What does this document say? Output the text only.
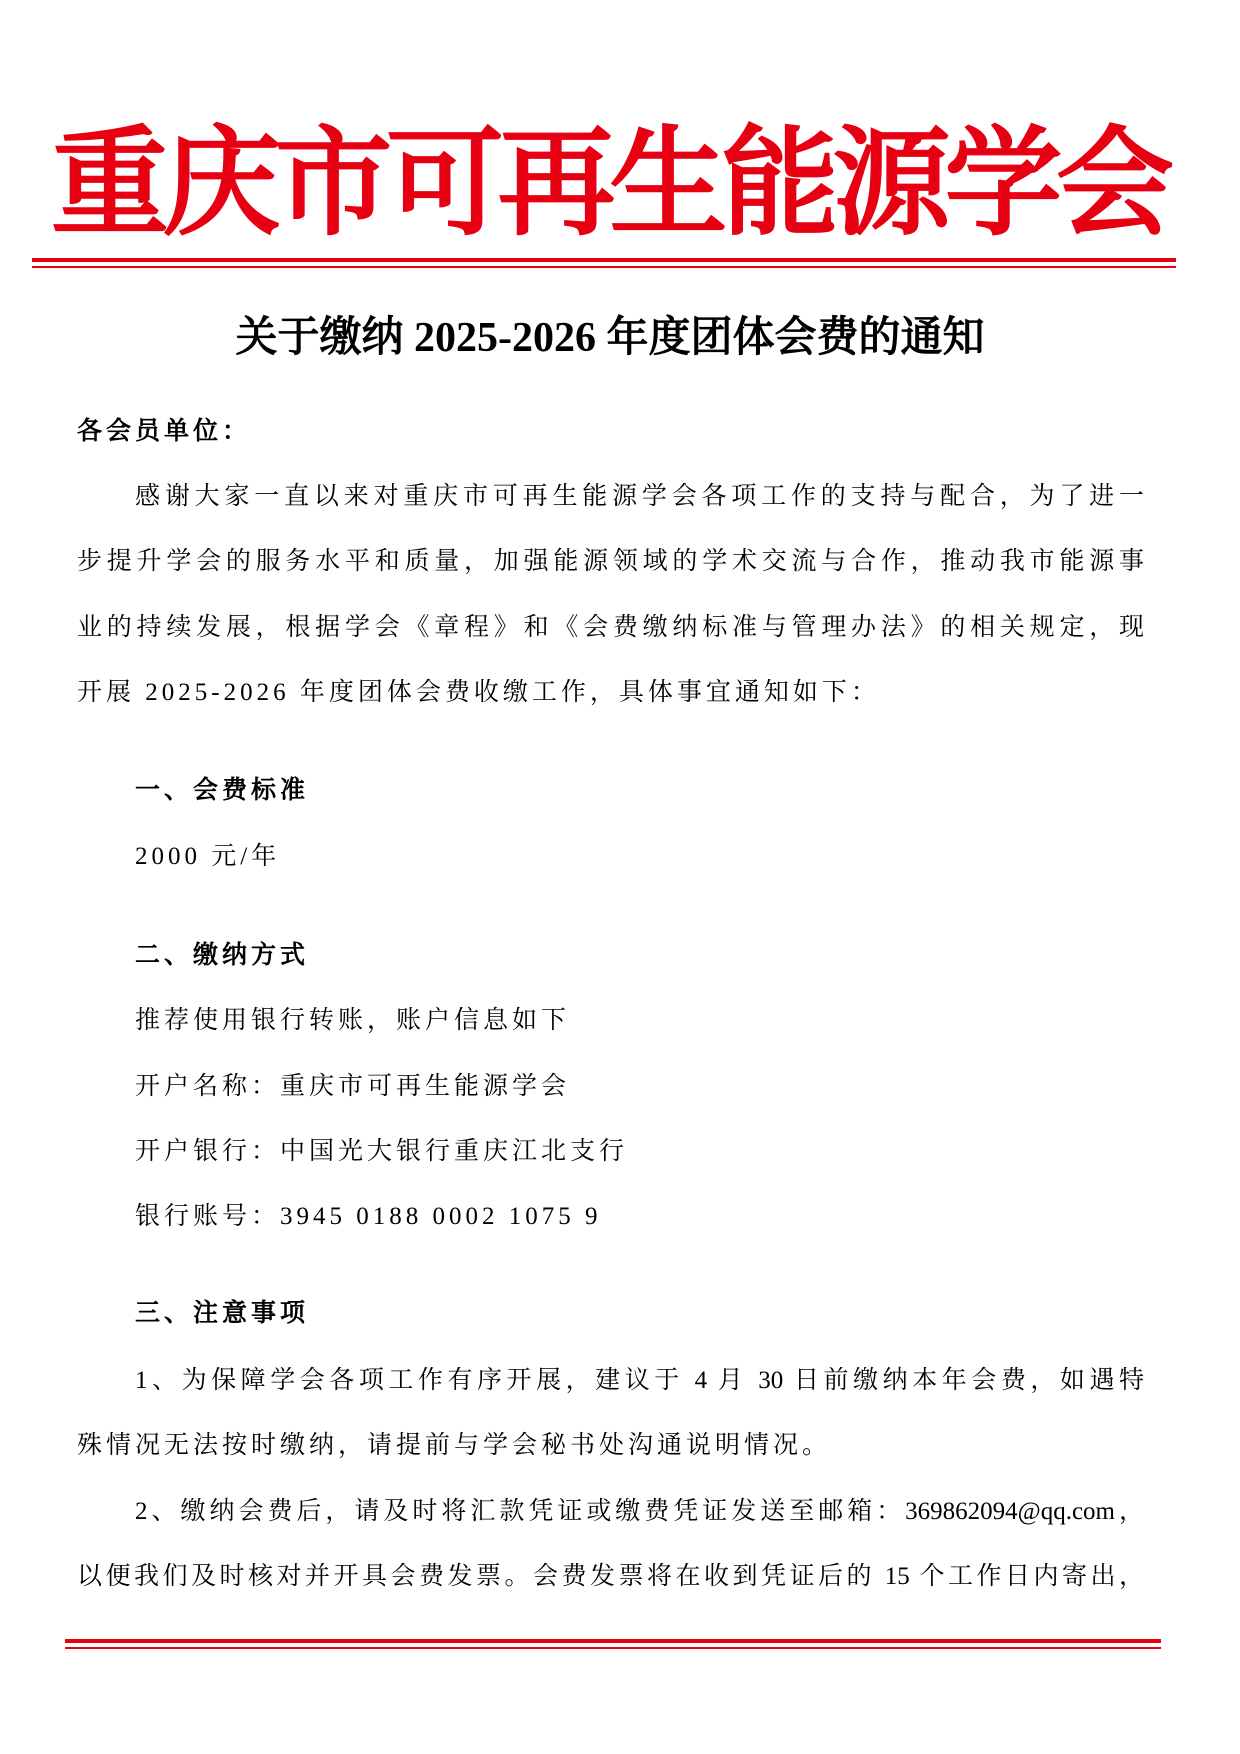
重庆市可再生能源学会
关于缴纳 2025-2026 年度团体会费的通知
各会员单位：
感谢大家一直以来对重庆市可再生能源学会各项工作的支持与配合，为了进一
步提升学会的服务水平和质量，加强能源领域的学术交流与合作，推动我市能源事
业的持续发展，根据学会《章程》和《会费缴纳标准与管理办法》的相关规定，现
开展 2025-2026 年度团体会费收缴工作，具体事宜通知如下：
一、会费标准
2000 元/年
二、缴纳方式
推荐使用银行转账，账户信息如下
开户名称：重庆市可再生能源学会
开户银行：中国光大银行重庆江北支行
银行账号：3945 0188 0002 1075 9
三、注意事项
1、为保障学会各项工作有序开展，建议于 4 月 30 日前缴纳本年会费，如遇特
殊情况无法按时缴纳，请提前与学会秘书处沟通说明情况。
2、缴纳会费后，请及时将汇款凭证或缴费凭证发送至邮箱：369862094@qq.com，
以便我们及时核对并开具会费发票。会费发票将在收到凭证后的 15 个工作日内寄出，
